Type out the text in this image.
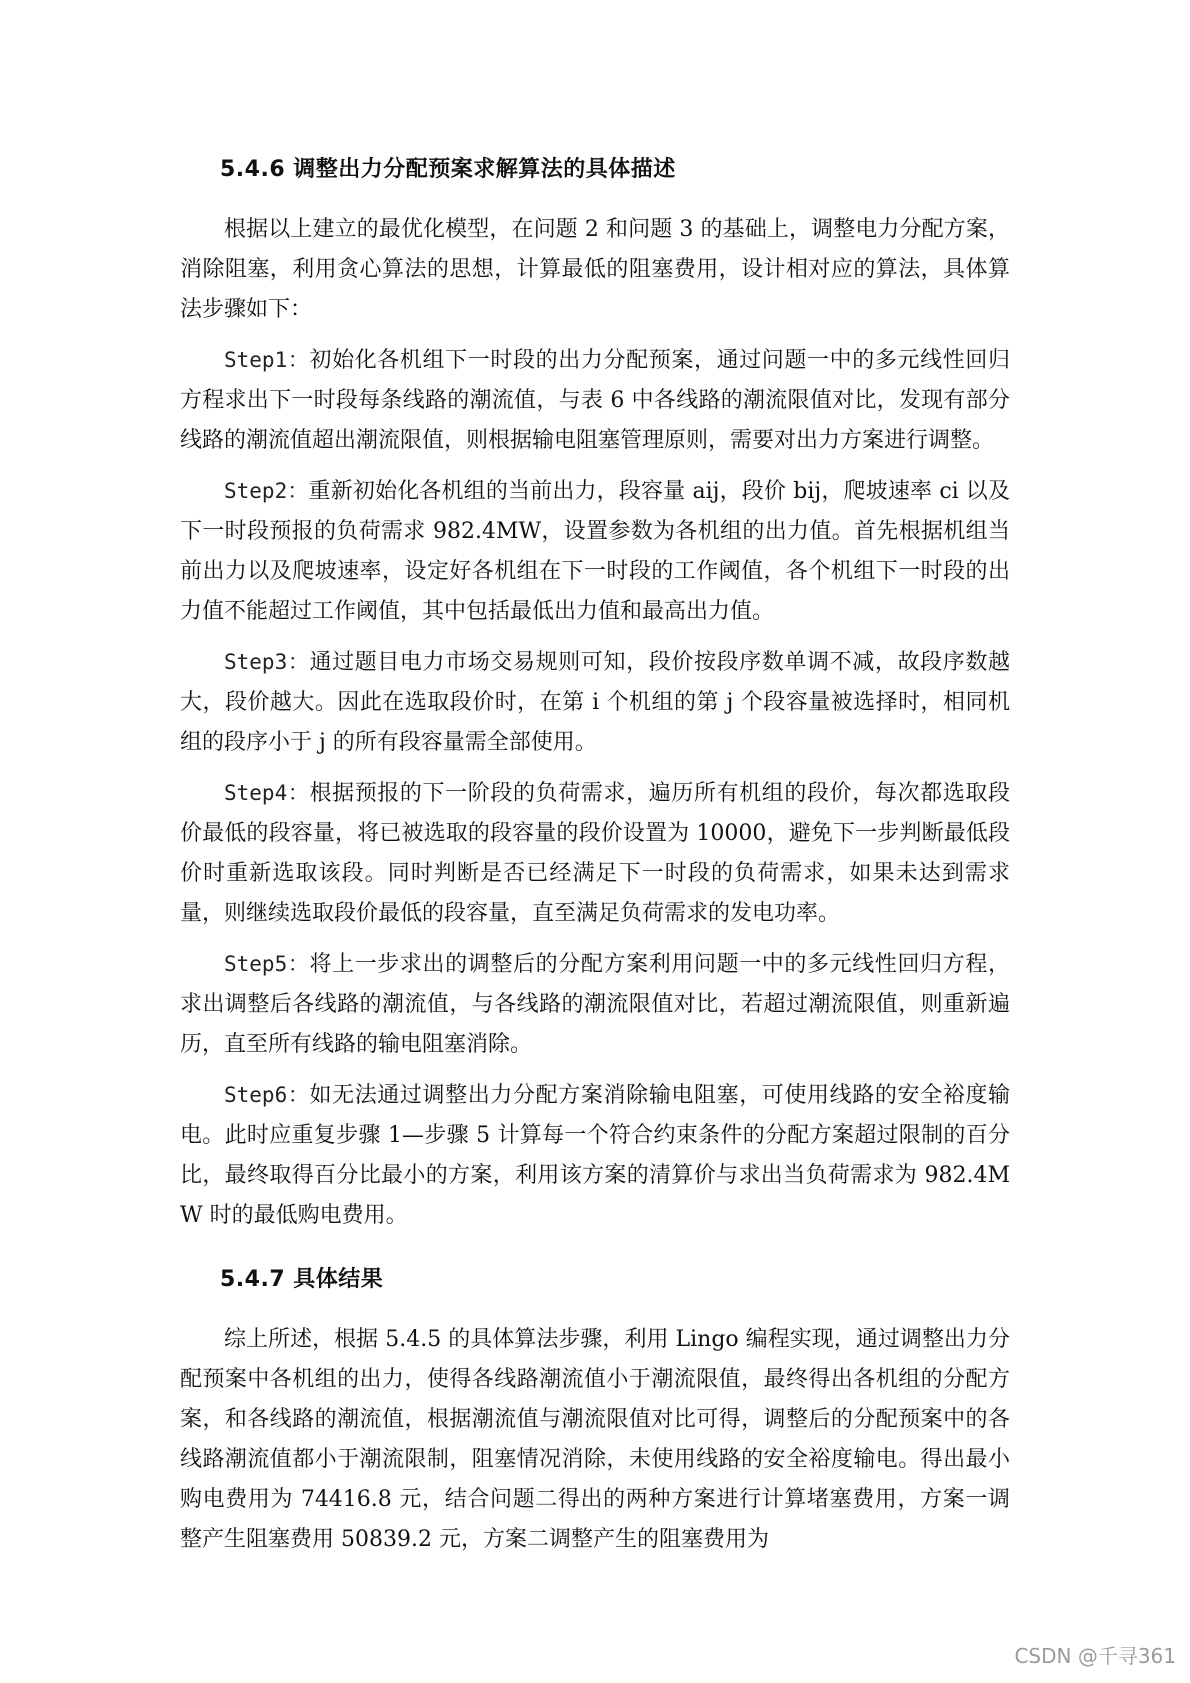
5.4.6 调整出力分配预案求解算法的具体描述

根据以上建立的最优化模型，在问题 2 和问题 3 的基础上，调整电力分配方案，消除阻塞，利用贪心算法的思想，计算最低的阻塞费用，设计相对应的算法，具体算法步骤如下：

Step1：初始化各机组下一时段的出力分配预案，通过问题一中的多元线性回归方程求出下一时段每条线路的潮流值，与表 6 中各线路的潮流限值对比，发现有部分线路的潮流值超出潮流限值，则根据输电阻塞管理原则，需要对出力方案进行调整。

Step2：重新初始化各机组的当前出力，段容量 aij，段价 bij，爬坡速率 ci 以及下一时段预报的负荷需求 982.4MW，设置参数为各机组的出力值。首先根据机组当前出力以及爬坡速率，设定好各机组在下一时段的工作阈值，各个机组下一时段的出力值不能超过工作阈值，其中包括最低出力值和最高出力值。

Step3：通过题目电力市场交易规则可知，段价按段序数单调不减，故段序数越大，段价越大。因此在选取段价时，在第 i 个机组的第 j 个段容量被选择时，相同机组的段序小于 j 的所有段容量需全部使用。

Step4：根据预报的下一阶段的负荷需求，遍历所有机组的段价，每次都选取段价最低的段容量，将已被选取的段容量的段价设置为 10000，避免下一步判断最低段价时重新选取该段。同时判断是否已经满足下一时段的负荷需求，如果未达到需求量，则继续选取段价最低的段容量，直至满足负荷需求的发电功率。

Step5：将上一步求出的调整后的分配方案利用问题一中的多元线性回归方程，求出调整后各线路的潮流值，与各线路的潮流限值对比，若超过潮流限值，则重新遍历，直至所有线路的输电阻塞消除。

Step6：如无法通过调整出力分配方案消除输电阻塞，可使用线路的安全裕度输电。此时应重复步骤 1—步骤 5 计算每一个符合约束条件的分配方案超过限制的百分比，最终取得百分比最小的方案，利用该方案的清算价与求出当负荷需求为 982.4MW 时的最低购电费用。

5.4.7 具体结果

综上所述，根据 5.4.5 的具体算法步骤，利用 Lingo 编程实现，通过调整出力分配预案中各机组的出力，使得各线路潮流值小于潮流限值，最终得出各机组的分配方案，和各线路的潮流值，根据潮流值与潮流限值对比可得，调整后的分配预案中的各线路潮流值都小于潮流限制，阻塞情况消除，未使用线路的安全裕度输电。得出最小购电费用为 74416.8 元，结合问题二得出的两种方案进行计算堵塞费用，方案一调整产生阻塞费用 50839.2 元，方案二调整产生的阻塞费用为

CSDN @千寻361
